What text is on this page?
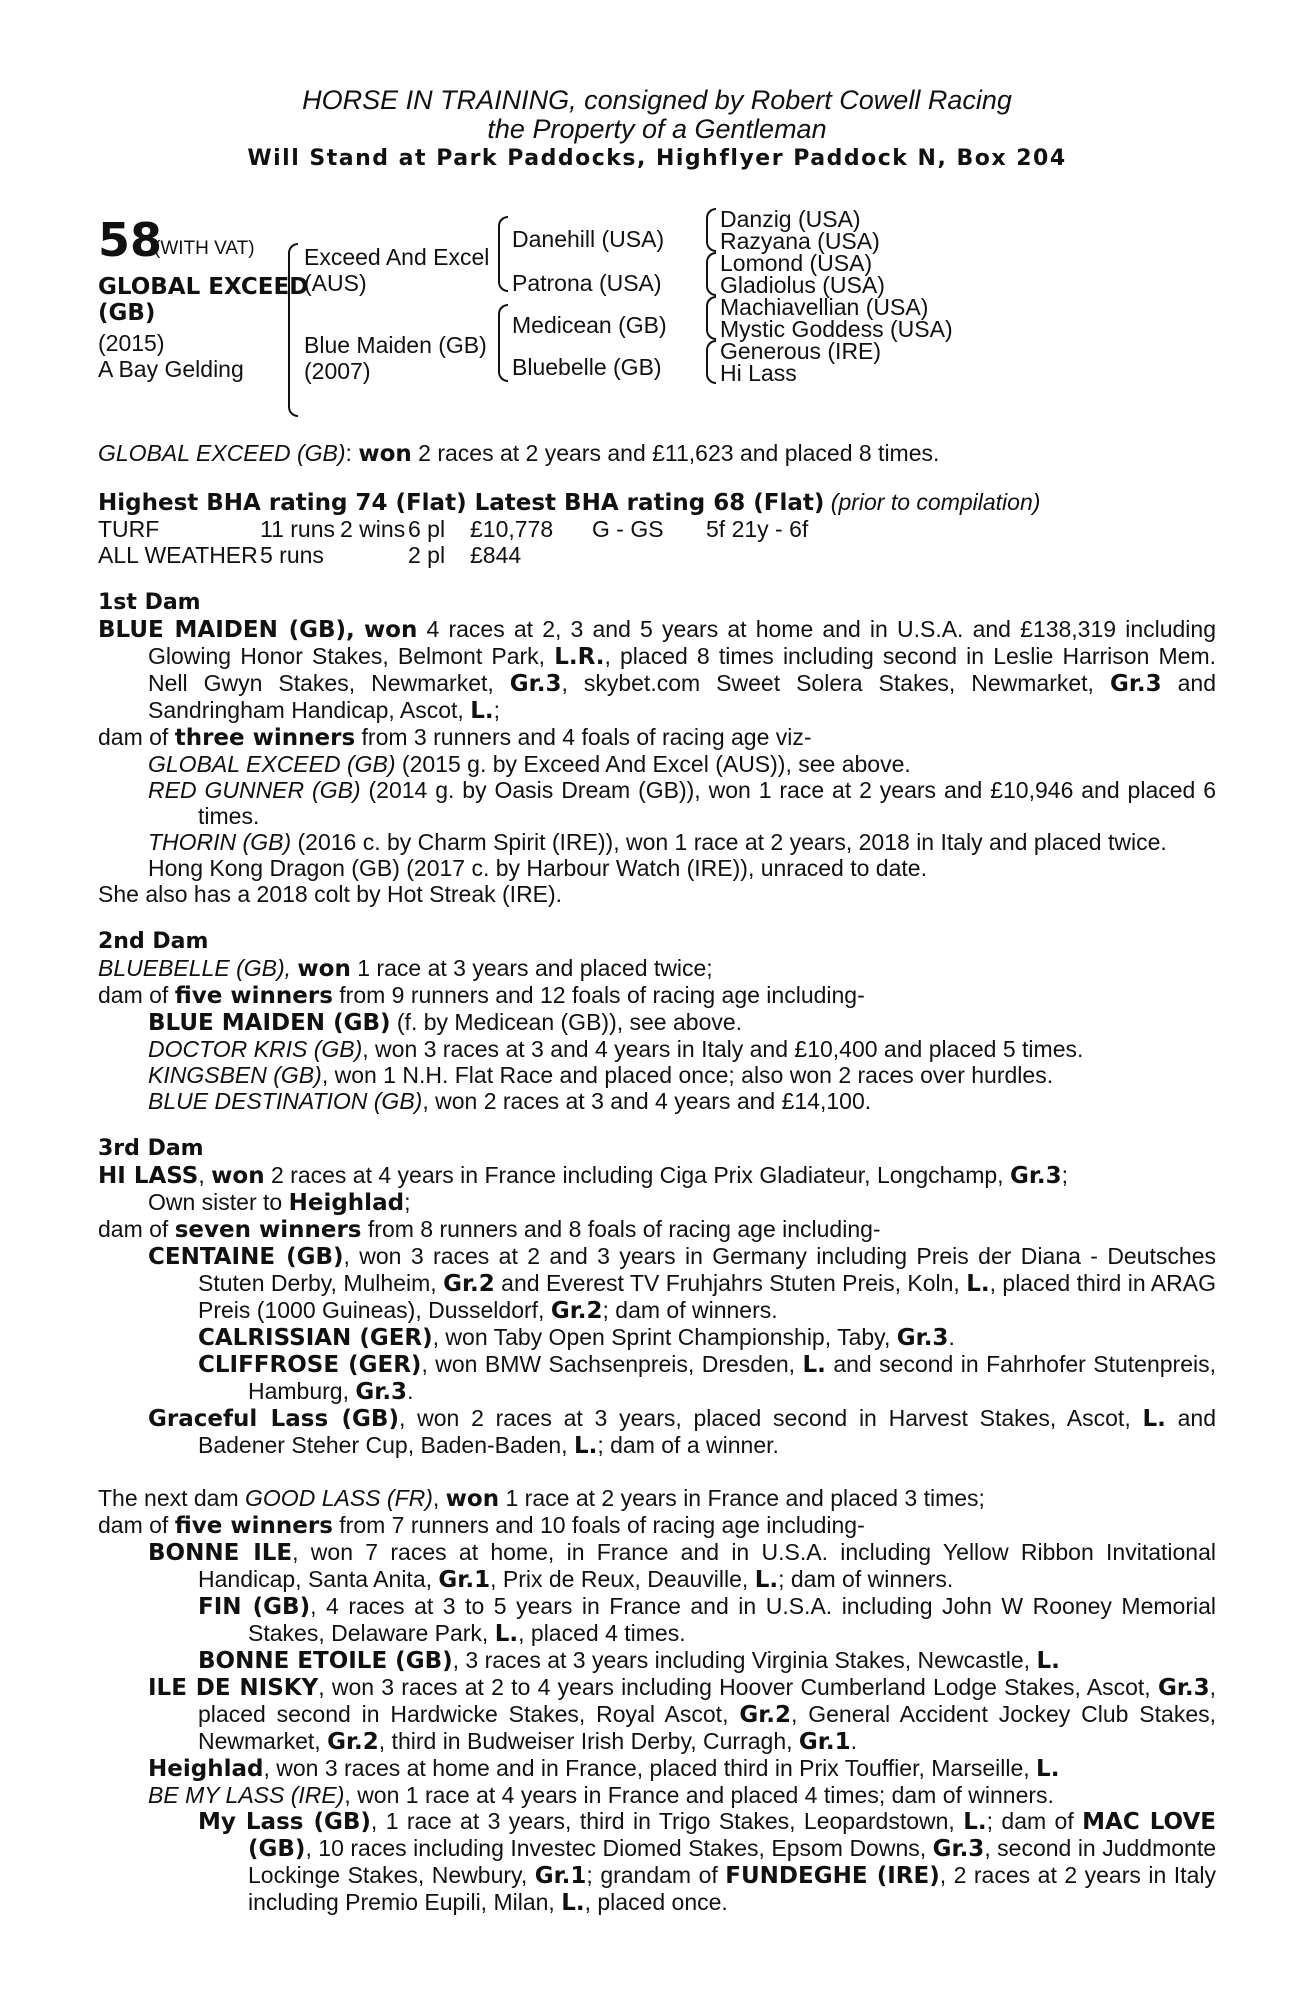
HORSE IN TRAINING, consigned by Robert Cowell Racing
the Property of a Gentleman
Will Stand at Park Paddocks, Highflyer Paddock N, Box 204
58
(WITH VAT)
GLOBAL EXCEED
(GB)
(2015)
A Bay Gelding
Exceed And Excel
(AUS)
Blue Maiden (GB)
(2007)
Danehill (USA)
Patrona (USA)
Medicean (GB)
Bluebelle (GB)
Danzig (USA)
Razyana (USA)
Lomond (USA)
Gladiolus (USA)
Machiavellian (USA)
Mystic Goddess (USA)
Generous (IRE)
Hi Lass

GLOBAL EXCEED (GB): won 2 races at 2 years and £11,623 and placed 8 times.

Highest BHA rating 74 (Flat) Latest BHA rating 68 (Flat) (prior to compilation)

TURF	11 runs 2 wins 6 pl £10,778 G - GS 5f 21y - 6f
ALL WEATHER 5 runs	2 pl £844
1st Dam

BLUE MAIDEN (GB), won 4 races at 2, 3 and 5 years at home and in U.S.A. and £138,319 including Glowing Honor Stakes, Belmont Park, L.R., placed 8 times including second in Leslie Harrison Mem. Nell Gwyn Stakes, Newmarket, Gr.3, skybet.com Sweet Solera Stakes, Newmarket, Gr.3 and Sandringham Handicap, Ascot, L.;

dam of three winners from 3 runners and 4 foals of racing age viz-

GLOBAL EXCEED (GB) (2015 g. by Exceed And Excel (AUS)), see above.

RED GUNNER (GB) (2014 g. by Oasis Dream (GB)), won 1 race at 2 years and £10,946 and placed 6 times.

THORIN (GB) (2016 c. by Charm Spirit (IRE)), won 1 race at 2 years, 2018 in Italy and placed twice.

Hong Kong Dragon (GB) (2017 c. by Harbour Watch (IRE)), unraced to date.

She also has a 2018 colt by Hot Streak (IRE).

2nd Dam

BLUEBELLE (GB), won 1 race at 3 years and placed twice;

dam of five winners from 9 runners and 12 foals of racing age including-

BLUE MAIDEN (GB) (f. by Medicean (GB)), see above.

DOCTOR KRIS (GB), won 3 races at 3 and 4 years in Italy and £10,400 and placed 5 times.

KINGSBEN (GB), won 1 N.H. Flat Race and placed once; also won 2 races over hurdles.

BLUE DESTINATION (GB), won 2 races at 3 and 4 years and £14,100.

3rd Dam

HI LASS, won 2 races at 4 years in France including Ciga Prix Gladiateur, Longchamp, Gr.3;

Own sister to Heighlad;

dam of seven winners from 8 runners and 8 foals of racing age including-

CENTAINE (GB), won 3 races at 2 and 3 years in Germany including Preis der Diana - Deutsches Stuten Derby, Mulheim, Gr.2 and Everest TV Fruhjahrs Stuten Preis, Koln, L., placed third in ARAG Preis (1000 Guineas), Dusseldorf, Gr.2; dam of winners.

CALRISSIAN (GER), won Taby Open Sprint Championship, Taby, Gr.3.

CLIFFROSE (GER), won BMW Sachsenpreis, Dresden, L. and second in Fahrhofer Stutenpreis, Hamburg, Gr.3.

Graceful Lass (GB), won 2 races at 3 years, placed second in Harvest Stakes, Ascot, L. and Badener Steher Cup, Baden-Baden, L.; dam of a winner.

The next dam GOOD LASS (FR), won 1 race at 2 years in France and placed 3 times;

dam of five winners from 7 runners and 10 foals of racing age including-

BONNE ILE, won 7 races at home, in France and in U.S.A. including Yellow Ribbon Invitational Handicap, Santa Anita, Gr.1, Prix de Reux, Deauville, L.; dam of winners.

FIN (GB), 4 races at 3 to 5 years in France and in U.S.A. including John W Rooney Memorial Stakes, Delaware Park, L., placed 4 times.

BONNE ETOILE (GB), 3 races at 3 years including Virginia Stakes, Newcastle, L.

ILE DE NISKY, won 3 races at 2 to 4 years including Hoover Cumberland Lodge Stakes, Ascot, Gr.3, placed second in Hardwicke Stakes, Royal Ascot, Gr.2, General Accident Jockey Club Stakes, Newmarket, Gr.2, third in Budweiser Irish Derby, Curragh, Gr.1.

Heighlad, won 3 races at home and in France, placed third in Prix Touffier, Marseille, L.

BE MY LASS (IRE), won 1 race at 4 years in France and placed 4 times; dam of winners.

My Lass (GB), 1 race at 3 years, third in Trigo Stakes, Leopardstown, L.; dam of MAC LOVE (GB), 10 races including Investec Diomed Stakes, Epsom Downs, Gr.3, second in Juddmonte Lockinge Stakes, Newbury, Gr.1; grandam of FUNDEGHE (IRE), 2 races at 2 years in Italy including Premio Eupili, Milan, L., placed once.
